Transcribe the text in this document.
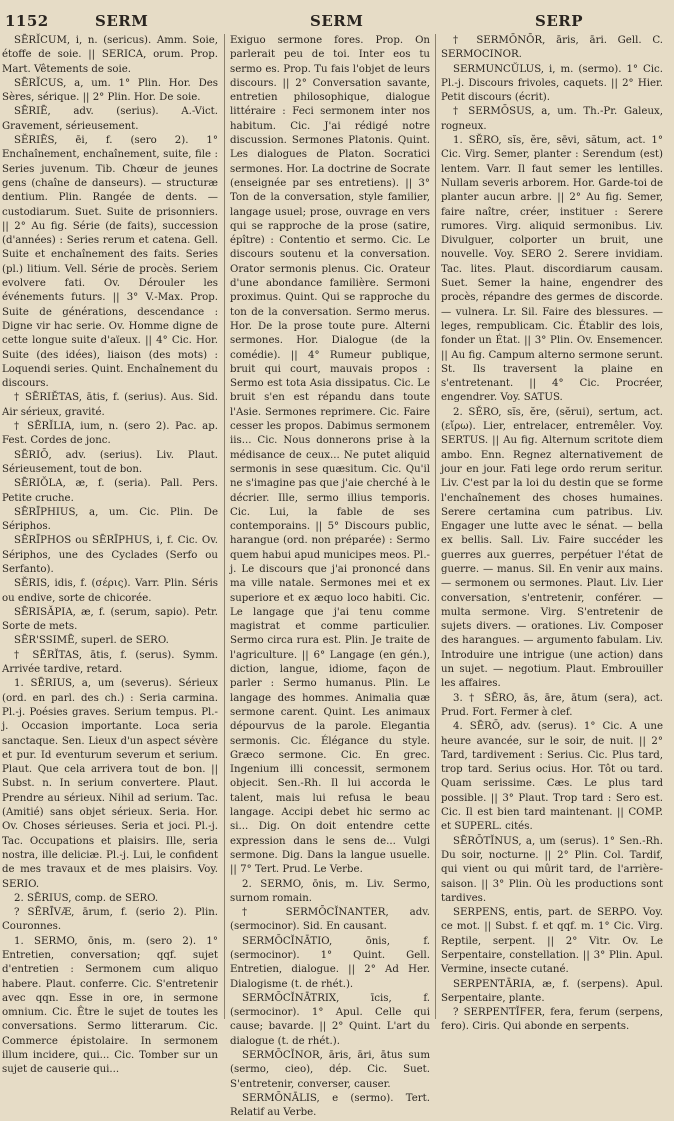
1152	SERM	SERM	SERP

SĒRĬCUM, i, n. (sericus). Amm. Soie, étoffe de soie. || SERICA, orum. Prop. Mart. Vêtements de soie.

SĒRĬCUS, a, um. 1° Plin. Hor. Des Sères, sérique. || 2° Plin. Hor. De soie.

SĒRIĒ, adv. (serius). A.-Vict. Gravement, sérieusement.

SĔRIĒS, ēi, f. (sero 2). 1° Enchaînement, enchaînement, suite, file : Series juvenum. Tib. Chœur de jeunes gens (chaîne de danseurs). — structuræ dentium. Plin. Rangée de dents. — custodiarum. Suet. Suite de prisonniers. || 2° Au fig. Série (de faits), succession (d'années) : Series rerum et catena. Gell. Suite et enchaînement des faits. Series (pl.) litium. Vell. Série de procès. Seriem evolvere fati. Ov. Dérouler les événements futurs. || 3° V.-Max. Prop. Suite de générations, descendance : Digne vir hac serie. Ov. Homme digne de cette longue suite d'aïeux. || 4° Cic. Hor. Suite (des idées), liaison (des mots) : Loquendi series. Quint. Enchaînement du discours.

† SĒRIĔTAS, ātis, f. (serius). Aus. Sid. Air sérieux, gravité.

† SĒRĬLIA, ium, n. (sero 2). Pac. ap. Fest. Cordes de jonc.

SĒRIŌ, adv. (serius). Liv. Plaut. Sérieusement, tout de bon.

SĒRIŎLA, æ, f. (seria). Pall. Pers. Petite cruche.

SĒRĪPHIUS, a, um. Cic. Plin. De Sériphos.

SĒRĪPHOS ou SĒRĪPHUS, i, f. Cic. Ov. Sériphos, une des Cyclades (Serfo ou Serfanto).

SĔRIS, idis, f. (σέρις). Varr. Plin. Séris ou endive, sorte de chicorée.

SĒRISĂPIA, æ, f. (serum, sapio). Petr. Sorte de mets.

SĒR'SSIMĒ, superl. de SERO.

† SĒRĬTAS, ātis, f. (serus). Symm. Arrivée tardive, retard.

1. SĒRIUS, a, um (severus). Sérieux (ord. en parl. des ch.) : Seria carmina. Pl.-j. Poésies graves. Serium tempus. Pl.-j. Occasion importante. Loca seria sanctaque. Sen. Lieux d'un aspect sévère et pur. Id eventurum severum et serium. Plaut. Que cela arrivera tout de bon. || Subst. n. In serium convertere. Plaut. Prendre au sérieux. Nihil ad serium. Tac. (Amitié) sans objet sérieux. Seria. Hor. Ov. Choses sérieuses. Seria et joci. Pl.-j. Tac. Occupations et plaisirs. Ille, seria nostra, ille deliciæ. Pl.-j. Lui, le confident de mes travaux et de mes plaisirs. Voy. SERIO.

2. SĒRIUS, comp. de SERO.

? SĒRĪVÆ, ārum, f. (serio 2). Plin. Couronnes.

1. SERMO, ōnis, m. (sero 2). 1° Entretien, conversation; qqf. sujet d'entretien : Sermonem cum aliquo habere. Plaut. conferre. Cic. S'entretenir avec qqn. Esse in ore, in sermone omnium. Cic. Être le sujet de toutes les conversations. Sermo litterarum. Cic. Commerce épistolaire. In sermonem illum incidere, qui... Cic. Tomber sur un sujet de causerie qui...

Exiguo sermone fores. Prop. On parlerait peu de toi. Inter eos tu sermo es. Prop. Tu fais l'objet de leurs discours. || 2° Conversation savante, entretien philosophique, dialogue littéraire : Feci sermonem inter nos habitum. Cic. J'ai rédigé notre discussion. Sermones Platonis. Quint. Les dialogues de Platon. Socratici sermones. Hor. La doctrine de Socrate (enseignée par ses entretiens). || 3° Ton de la conversation, style familier, langage usuel; prose, ouvrage en vers qui se rapproche de la prose (satire, épître) : Contentio et sermo. Cic. Le discours soutenu et la conversation. Orator sermonis plenus. Cic. Orateur d'une abondance familière. Sermoni proximus. Quint. Qui se rapproche du ton de la conversation. Sermo merus. Hor. De la prose toute pure. Alterni sermones. Hor. Dialogue (de la comédie). || 4° Rumeur publique, bruit qui court, mauvais propos : Sermo est tota Asia dissipatus. Cic. Le bruit s'en est répandu dans toute l'Asie. Sermones reprimere. Cic. Faire cesser les propos. Dabimus sermonem iis... Cic. Nous donnerons prise à la médisance de ceux... Ne putet aliquid sermonis in sese quæsitum. Cic. Qu'il ne s'imagine pas que j'aie cherché à le décrier. Ille, sermo illius temporis. Cic. Lui, la fable de ses contemporains. || 5° Discours public, harangue (ord. non préparée) : Sermo quem habui apud municipes meos. Pl.-j. Le discours que j'ai prononcé dans ma ville natale. Sermones mei et ex superiore et ex æquo loco habiti. Cic. Le langage que j'ai tenu comme magistrat et comme particulier. Sermo circa rura est. Plin. Je traite de l'agriculture. || 6° Langage (en gén.), diction, langue, idiome, façon de parler : Sermo humanus. Plin. Le langage des hommes. Animalia quæ sermone carent. Quint. Les animaux dépourvus de la parole. Elegantia sermonis. Cic. Élégance du style. Græco sermone. Cic. En grec. Ingenium illi concessit, sermonem objecit. Sen.-Rh. Il lui accorda le talent, mais lui refusa le beau langage. Accipi debet hic sermo ac si... Dig. On doit entendre cette expression dans le sens de... Vulgi sermone. Dig. Dans la langue usuelle. || 7° Tert. Prud. Le Verbe.

2. SERMO, ōnis, m. Liv. Sermo, surnom romain.

† SERMŌCĬNANTER, adv. (sermocinor). Sid. En causant.

SERMŌCĬNĀTIO, ōnis, f. (sermocinor). 1° Quint. Gell. Entretien, dialogue. || 2° Ad Her. Dialogisme (t. de rhét.).

SERMŌCĬNĀTRIX, īcis, f. (sermocinor). 1° Apul. Celle qui cause; bavarde. || 2° Quint. L'art du dialogue (t. de rhét.).

SERMŌCĬNOR, āris, āri, ātus sum (sermo, cieo), dép. Cic. Suet. S'entretenir, converser, causer.

SERMŌNĀLIS, e (sermo). Tert. Relatif au Verbe.

† SERMŌNŌR, āris, āri. Gell. C. SERMOCINOR.

SERMUNCŬLUS, i, m. (sermo). 1° Cic. Pl.-j. Discours frivoles, caquets. || 2° Hier. Petit discours (écrit).

† SERMŌSUS, a, um. Th.-Pr. Galeux, rogneux.

1. SĔRO, sĭs, ĕre, sēvi, sătum, act. 1° Cic. Virg. Semer, planter : Serendum (est) lentem. Varr. Il faut semer les lentilles. Nullam severis arborem. Hor. Garde-toi de planter aucun arbre. || 2° Au fig. Semer, faire naître, créer, instituer : Serere rumores. Virg. aliquid sermonibus. Liv. Divulguer, colporter un bruit, une nouvelle. Voy. SERO 2. Serere invidiam. Tac. lites. Plaut. discordiarum causam. Suet. Semer la haine, engendrer des procès, répandre des germes de discorde. — vulnera. Lr. Sil. Faire des blessures. — leges, rempublicam. Cic. Établir des lois, fonder un État. || 3° Plin. Ov. Ensemencer. || Au fig. Campum alterno sermone serunt. St. Ils traversent la plaine en s'entretenant. || 4° Cic. Procréer, engendrer. Voy. SATUS.

2. SĔRO, sĭs, ĕre, (sĕrui), sertum, act. (εἴρω). Lier, entrelacer, entremêler. Voy. SERTUS. || Au fig. Alternum scritote diem ambo. Enn. Regnez alternativement de jour en jour. Fati lege ordo rerum seritur. Liv. C'est par la loi du destin que se forme l'enchaînement des choses humaines. Serere certamina cum patribus. Liv. Engager une lutte avec le sénat. — bella ex bellis. Sall. Liv. Faire succéder les guerres aux guerres, perpétuer l'état de guerre. — manus. Sil. En venir aux mains. — sermonem ou sermones. Plaut. Liv. Lier conversation, s'entretenir, conférer. — multa sermone. Virg. S'entretenir de sujets divers. — orationes. Liv. Composer des harangues. — argumento fabulam. Liv. Introduire une intrigue (une action) dans un sujet. — negotium. Plaut. Embrouiller les affaires.

3. † SĒRO, ās, āre, ātum (sera), act. Prud. Fort. Fermer à clef.

4. SĒRŌ, adv. (serus). 1° Cic. A une heure avancée, sur le soir, de nuit. || 2° Tard, tardivement : Serius. Cic. Plus tard, trop tard. Serius ocius. Hor. Tôt ou tard. Quam serissime. Cæs. Le plus tard possible. || 3° Plaut. Trop tard : Sero est. Cic. Il est bien tard maintenant. || COMP. et SUPERL. cités.

SĒRŌTĬNUS, a, um (serus). 1° Sen.-Rh. Du soir, nocturne. || 2° Plin. Col. Tardif, qui vient ou qui mûrit tard, de l'arrière-saison. || 3° Plin. Où les productions sont tardives.

SERPENS, entis, part. de SERPO. Voy. ce mot. || Subst. f. et qqf. m. 1° Cic. Virg. Reptile, serpent. || 2° Vitr. Ov. Le Serpentaire, constellation. || 3° Plin. Apul. Vermine, insecte cutané.

SERPENTĀRIA, æ, f. (serpens). Apul. Serpentaire, plante.

? SERPENTĬFER, fera, ferum (serpens, fero). Ciris. Qui abonde en serpents.
